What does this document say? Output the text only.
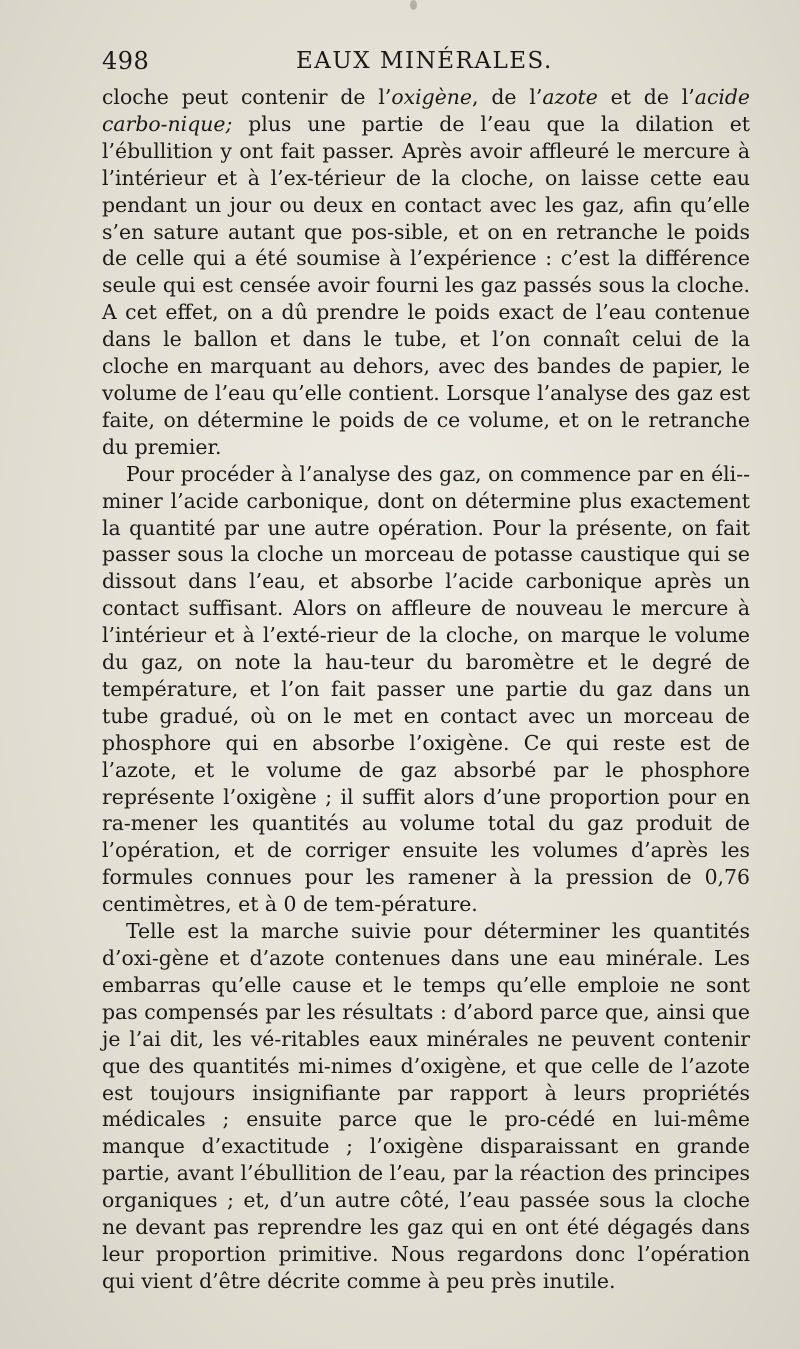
498	EAUX MINÉRALES.

cloche peut contenir de l’oxigène, de l’azote et de l’acide carbo-nique; plus une partie de l’eau que la dilation et l’ébullition y ont fait passer. Après avoir affleuré le mercure à l’intérieur et à l’ex-térieur de la cloche, on laisse cette eau pendant un jour ou deux en contact avec les gaz, afin qu’elle s’en sature autant que pos-sible, et on en retranche le poids de celle qui a été soumise à l’expérience : c’est la différence seule qui est censée avoir fourni les gaz passés sous la cloche. A cet effet, on a dû prendre le poids exact de l’eau contenue dans le ballon et dans le tube, et l’on connaît celui de la cloche en marquant au dehors, avec des bandes de papier, le volume de l’eau qu’elle contient. Lorsque l’analyse des gaz est faite, on détermine le poids de ce volume, et on le retranche du premier.

Pour procéder à l’analyse des gaz, on commence par en éli-miner l’acide carbonique, dont on détermine plus exactement la quantité par une autre opération. Pour la présente, on fait passer sous la cloche un morceau de potasse caustique qui se dissout dans l’eau, et absorbe l’acide carbonique après un contact suffisant. Alors on affleure de nouveau le mercure à l’intérieur et à l’exté-rieur de la cloche, on marque le volume du gaz, on note la hau-teur du baromètre et le degré de température, et l’on fait passer une partie du gaz dans un tube gradué, où on le met en contact avec un morceau de phosphore qui en absorbe l’oxigène. Ce qui reste est de l’azote, et le volume de gaz absorbé par le phosphore représente l’oxigène ; il suffit alors d’une proportion pour en ra-mener les quantités au volume total du gaz produit de l’opération, et de corriger ensuite les volumes d’après les formules connues pour les ramener à la pression de 0,76 centimètres, et à 0 de tem-pérature.

Telle est la marche suivie pour déterminer les quantités d’oxi-gène et d’azote contenues dans une eau minérale. Les embarras qu’elle cause et le temps qu’elle emploie ne sont pas compensés par les résultats : d’abord parce que, ainsi que je l’ai dit, les vé-ritables eaux minérales ne peuvent contenir que des quantités mi-nimes d’oxigène, et que celle de l’azote est toujours insignifiante par rapport à leurs propriétés médicales ; ensuite parce que le pro-cédé en lui-même manque d’exactitude ; l’oxigène disparaissant en grande partie, avant l’ébullition de l’eau, par la réaction des principes organiques ; et, d’un autre côté, l’eau passée sous la cloche ne devant pas reprendre les gaz qui en ont été dégagés dans leur proportion primitive. Nous regardons donc l’opération qui vient d’être décrite comme à peu près inutile.
